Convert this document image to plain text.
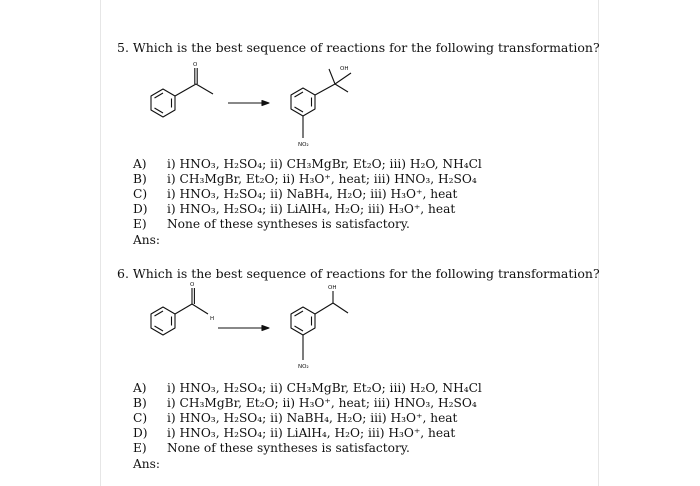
5. Which is the best sequence of reactions for the following transformation?
O
OH
NO₂
O
H
OH
NO₂
A) i) HNO₃, H₂SO₄; ii) CH₃MgBr, Et₂O; iii) H₂O, NH₄Cl
B) i) CH₃MgBr, Et₂O; ii) H₃O⁺, heat; iii) HNO₃, H₂SO₄
C) i) HNO₃, H₂SO₄; ii) NaBH₄, H₂O; iii) H₃O⁺, heat
D) i) HNO₃, H₂SO₄; ii) LiAlH₄, H₂O; iii) H₃O⁺, heat
E) None of these syntheses is satisfactory.
Ans:
6. Which is the best sequence of reactions for the following transformation?
A) i) HNO₃, H₂SO₄; ii) CH₃MgBr, Et₂O; iii) H₂O, NH₄Cl
B) i) CH₃MgBr, Et₂O; ii) H₃O⁺, heat; iii) HNO₃, H₂SO₄
C) i) HNO₃, H₂SO₄; ii) NaBH₄, H₂O; iii) H₃O⁺, heat
D) i) HNO₃, H₂SO₄; ii) LiAlH₄, H₂O; iii) H₃O⁺, heat
E) None of these syntheses is satisfactory.
Ans:
